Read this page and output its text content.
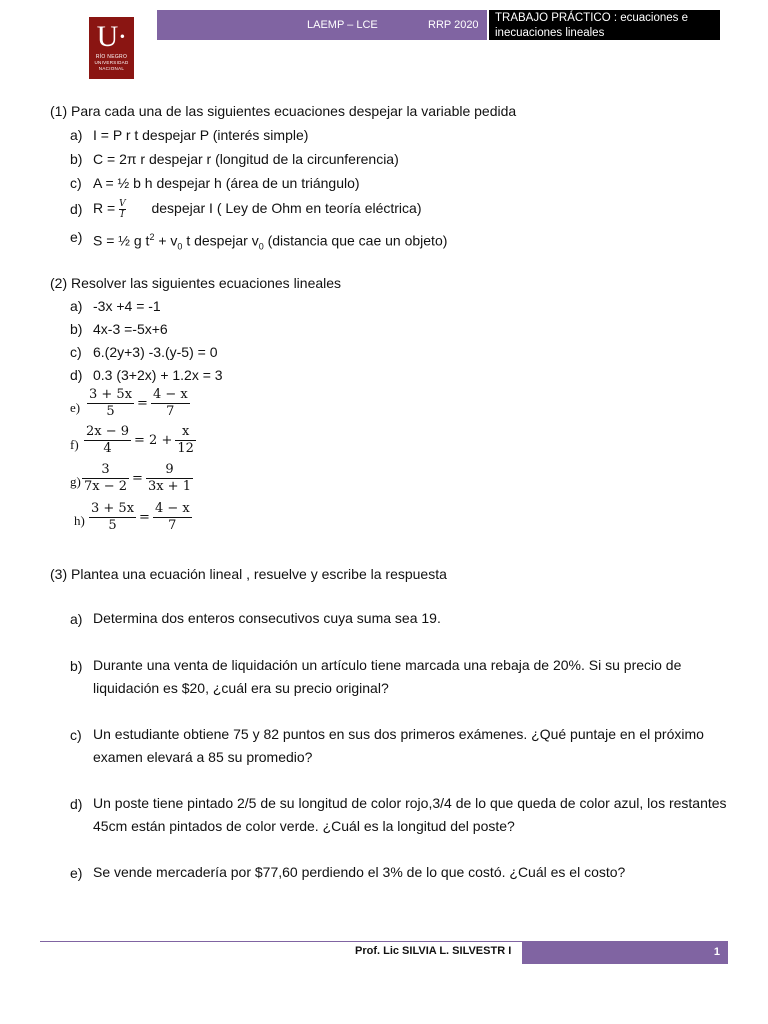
U·
RÍO NEGRO
UNIVERSIDAD
NACIONAL
LAEMP – LCE	RRP 2020
TRABAJO PRÁCTICO : ecuaciones e inecuaciones lineales
(1) Para cada una de las siguientes ecuaciones despejar la variable pedida
a) I = P r t despejar P (interés simple)
b) C = 2π r despejar r (longitud de la circunferencia)
c) A = ½ b h despejar h (área de un triángulo)
d) $R = \frac{V}{I}$ despejar I ( Ley de Ohm en teoría eléctrica)
e) S = ½ g $t^2 + v_0$ t despejar $v_0$ (distancia que cae un objeto)
(2) Resolver las siguientes ecuaciones lineales
a) -3x +4 = -1
b) 4x-3 =-5x+6
c) 6.(2y+3) -3.(y-5) = 0
d) 0.3 (3+2x) + 1.2x = 3
$e) \frac{3 + 5x}{5} = \frac{4 - x}{7}$
$f) \frac{2x - 9}{4} = 2 + \frac{x}{12}$
$g) \frac{3}{7x - 2} = \frac{9}{3x + 1}$
$h) \frac{3 + 5x}{5} = \frac{4 - x}{7}$
(3) Plantea una ecuación lineal , resuelve y escribe la respuesta
a) Determina dos enteros consecutivos cuya suma sea 19.
b) Durante una venta de liquidación un artículo tiene marcada una rebaja de 20%. Si su precio de liquidación es $20, ¿cuál era su precio original?
c) Un estudiante obtiene 75 y 82 puntos en sus dos primeros exámenes. ¿Qué puntaje en el próximo examen elevará a 85 su promedio?
d) Un poste tiene pintado 2/5 de su longitud de color rojo,3/4 de lo que queda de color azul, los restantes 45cm están pintados de color verde. ¿Cuál es la longitud del poste?
e) Se vende mercadería por $77,60 perdiendo el 3% de lo que costó. ¿Cuál es el costo?
Prof. Lic SILVIA L. SILVESTR I	1
